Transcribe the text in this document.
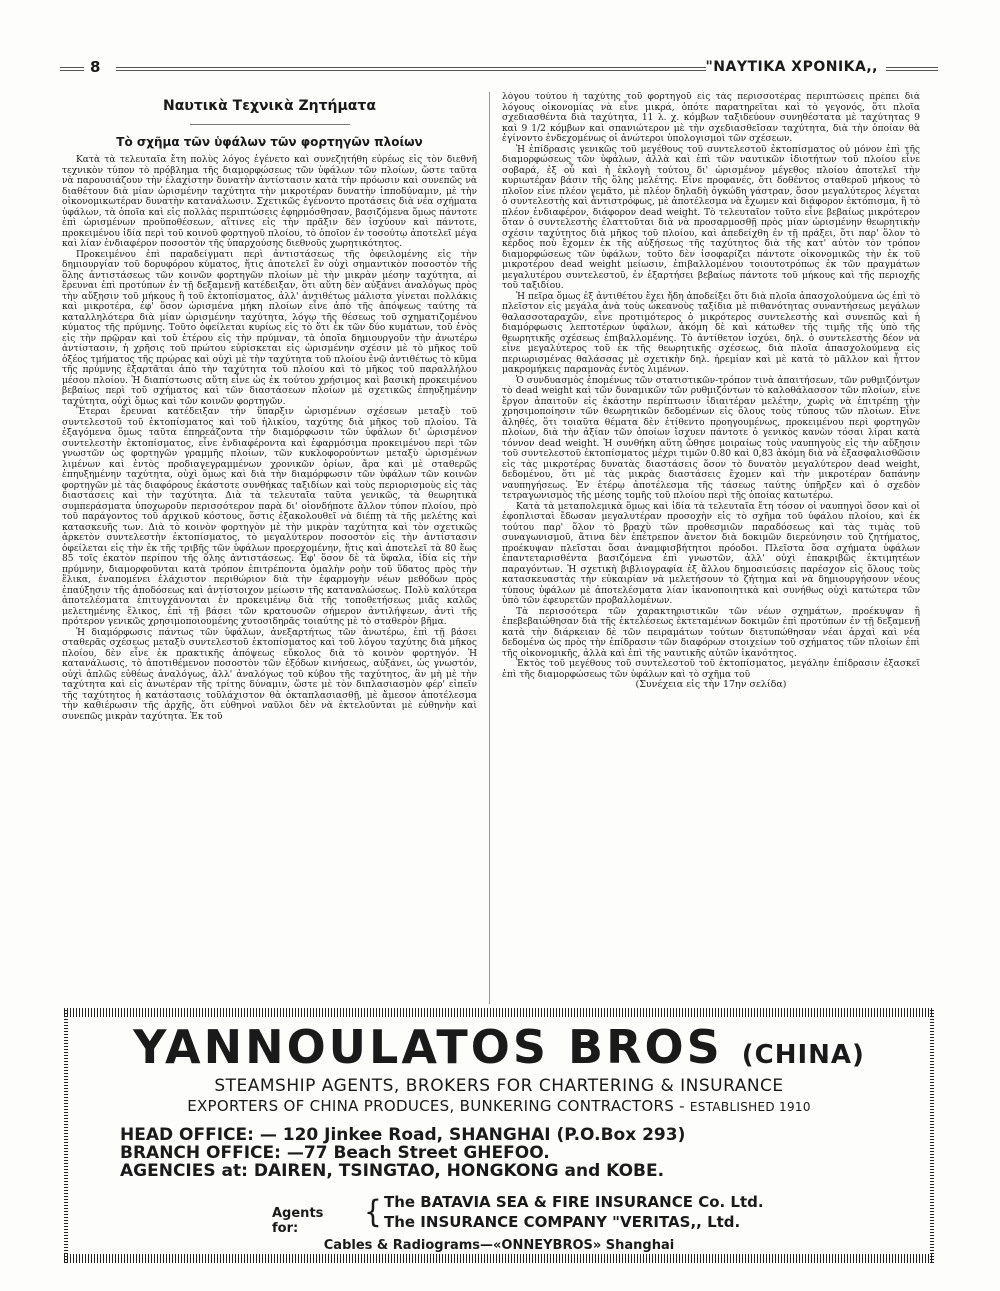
8	"ΝΑΥΤΙΚΑ ΧΡΟΝΙΚΑ,,
Ναυτικὰ Τεχνικὰ Ζητήματα
Τὸ σχῆμα τῶν ὑφάλων τῶν φορτηγῶν πλοίων

Κατὰ τὰ τελευταῖα ἔτη πολὺς λόγος ἐγένετο καὶ συνεζητήθη εὐρέως εἰς τὸν διεθνῆ τεχνικὸν τύπον τὸ πρόβλημα τῆς διαμορφώσεως τῶν ὑφάλων τῶν πλοίων, ὥστε ταῦτα νὰ παρουσιάζουν τὴν ἐλαχίστην δυνατὴν ἀντίστασιν κατὰ τὴν πρόωσιν καὶ συνεπῶς νὰ διαθέτουν διὰ μίαν ὡρισμένην ταχύτητα τὴν μικροτέραν δυνατὴν ἱπποδύναμιν, μὲ τὴν οἰκονομικωτέραν δυνατὴν κατανάλωσιν. Σχετικῶς ἐγένοντο προτάσεις διὰ νέα σχήματα ὑφάλων, τὰ ὁποῖα καὶ εἰς πολλὰς περιπτώσεις ἐφηρμόσθησαν, βασιζόμενα ὅμως πάντοτε ἐπὶ ὡρισμένων προϋποθέσεων, αἵτινες εἰς τὴν πρᾶξιν δὲν ἰσχύουν καὶ πάντοτε, προκειμένου ἰδία περὶ τοῦ κοινοῦ φορτηγοῦ πλοίου, τὸ ὁποῖον ἐν τοσούτῳ ἀποτελεῖ μέγα καὶ λίαν ἐνδιαφέρον ποσοστὸν τῆς ὑπαρχούσης διεθνοῦς χωρητικότητος.

Προκειμένου ἐπὶ παραδείγματι περὶ ἀντιστάσεως τῆς ὀφειλομένης εἰς τὴν δημιουργίαν τοῦ δορυφόρου κύματος, ἥτις ἀποτελεῖ ἓν οὐχὶ σημαντικὸν ποσοστὸν τῆς ὅλης ἀντιστάσεως τῶν κοινῶν φορτηγῶν πλοίων μὲ τὴν μικρὰν μέσην ταχύτητα, αἱ ἔρευναι ἐπὶ προτύπων ἐν τῇ δεξαμενῇ κατέδειξαν, ὅτι αὕτη δὲν αὐξάνει ἀναλόγως πρὸς τὴν αὔξησιν τοῦ μήκους ἢ τοῦ ἐκτοπίσματος, ἀλλ' ἀντιθέτως μάλιστα γίνεται πολλάκις καὶ μικροτέρα, ἐφ' ὅσον ὡρισμένα μήκη πλοίων εἶνε ἀπὸ τῆς ἀπόψεως ταύτης τὰ καταλληλότερα διὰ μίαν ὡρισμένην ταχύτητα, λόγῳ τῆς θέσεως τοῦ σχηματιζομένου κύματος τῆς πρύμνης. Τοῦτο ὀφείλεται κυρίως εἰς τὸ ὅτι ἐκ τῶν δύο κυμάτων, τοῦ ἑνὸς εἰς τὴν πρῷραν καὶ τοῦ ἑτέρου εἰς τὴν πρύμναν, τὰ ὁποῖα δημιουργοῦν τὴν ἀνωτέρω ἀντίστασιν, ἡ χρῆσις τοῦ πρώτου εὑρίσκεται εἰς ὡρισμένην σχέσιν μὲ τὸ μῆκος τοῦ ὀξέος τμήματος τῆς πρῴρας καὶ οὐχὶ μὲ τὴν ταχύτητα τοῦ πλοίου ἐνῷ ἀντιθέτως τὸ κῦμα τῆς πρύμνης ἐξαρτᾶται ἀπὸ τὴν ταχύτητα τοῦ πλοίου καὶ τὸ μῆκος τοῦ παραλλήλου μέσου πλοίου. Ἡ διαπίστωσις αὕτη εἶνε ὡς ἐκ τούτου χρήσιμος καὶ βασικὴ προκειμένου βεβαίως περὶ τοῦ σχήματος καὶ τῶν διαστάσεων πλοίων μὲ σχετικῶς ἐπηυξημένην ταχύτητα, οὐχὶ ὅμως καὶ τῶν κοινῶν φορτηγῶν.

Ἕτεραι ἔρευναι κατέδειξαν τὴν ὕπαρξιν ὡρισμένων σχέσεων μεταξὺ τοῦ συντελεστοῦ τοῦ ἐκτοπίσματος καὶ τοῦ ἡλικίου, ταχύτης διὰ μῆκος τοῦ πλοίου. Τὰ ἐξαγόμενα ὅμως ταῦτα ἐπηρεάζοντα τὴν διαμόρφωσιν τῶν ὑφάλων δι' ὡρισμένον συντελεστὴν ἐκτοπίσματος, εἶνε ἐνδιαφέροντα καὶ ἐφαρμόσιμα προκειμένου περὶ τῶν γνωστῶν ὡς φορτηγῶν γραμμῆς πλοίων, τῶν κυκλοφορούντων μεταξὺ ὡρισμένων λιμένων καὶ ἐντὸς προδιαγεγραμμένων χρονικῶν ὁρίων, ἄρα καὶ μὲ σταθερῶς ἐπηυξημένην ταχύτητα, οὐχὶ ὅμως καὶ διὰ τὴν διαμόρφωσιν τῶν ὑφάλων τῶν κοινῶν φορτηγῶν μὲ τὰς διαφόρους ἑκάστοτε συνθήκας ταξιδίων καὶ τοὺς περιορισμοὺς εἰς τὰς διαστάσεις καὶ τὴν ταχύτητα. Διὰ τὰ τελευταῖα ταῦτα γενικῶς, τὰ θεωρητικὰ συμπεράσματα ὑποχωροῦν περισσότερον παρὰ δι' οἱονδήποτε ἄλλον τύπον πλοίου, πρὸ τοῦ παράγοντος τοῦ ἀρχικοῦ κόστους, ὅστις ἐξακολουθεῖ νὰ διέπῃ τὰ τῆς μελέτης καὶ κατασκευῆς των. Διὰ τὸ κοινὸν φορτηγὸν μὲ τὴν μικρὰν ταχύτητα καὶ τὸν σχετικῶς ἀρκετὸν συντελεστὴν ἐκτοπίσματος, τὸ μεγαλύτερον ποσοστὸν εἰς τὴν ἀντίστασιν ὀφείλεται εἰς τὴν ἐκ τῆς τριβῆς τῶν ὑφάλων προερχομένην, ἥτις καὶ ἀποτελεῖ τὰ 80 ἕως 85 τοῖς ἑκατὸν περίπου τῆς ὅλης ἀντιστάσεως. Ἐφ' ὅσον δὲ τὰ ὕφαλα, ἰδία εἰς τὴν πρύμνην, διαμορφοῦνται κατὰ τρόπον ἐπιτρέποντα ὁμαλὴν ροὴν τοῦ ὕδατος πρὸς τὴν ἕλικα, ἐναπομένει ἐλάχιστον περιθώριον διὰ τὴν ἐφαρμογὴν νέων μεθόδων πρὸς ἐπαύξησιν τῆς ἀποδόσεως καὶ ἀντίστοιχον μείωσιν τῆς καταναλώσεως. Πολὺ καλύτερα ἀποτελέσματα ἐπιτυγχάνονται ἐν προκειμένῳ διὰ τῆς τοποθετήσεως μιᾶς καλῶς μελετημένης ἕλικος, ἐπὶ τῇ βάσει τῶν κρατουσῶν σήμερον ἀντιλήψεων, ἀντὶ τῆς πρότερον γενικῶς χρησιμοποιουμένης χυτοσιδηρᾶς τοιαύτης μὲ τὸ σταθερὸν βῆμα.

Ἡ διαμόρφωσις πάντως τῶν ὑφάλων, ἀνεξαρτήτως τῶν ἀνωτέρω, ἐπὶ τῇ βάσει σταθερᾶς σχέσεως μεταξὺ συντελεστοῦ ἐκτοπίσματος καὶ τοῦ λόγου ταχύτης διὰ μῆκος πλοίου, δὲν εἶνε ἐκ πρακτικῆς ἀπόψεως εὔκολος διὰ τὸ κοινὸν φορτηγόν. Ἡ κατανάλωσις, τὸ ἀποτιθέμενον ποσοστὸν τῶν ἐξόδων κινήσεως, αὐξάνει, ὡς γνωστόν, οὐχὶ ἁπλῶς εὐθέως ἀναλόγως, ἀλλ' ἀναλόγως τοῦ κύβου τῆς ταχύτητος, ἂν μὴ μὲ τὴν ταχύτητα καὶ εἰς ἀνωτέραν τῆς τρίτης δύναμιν, ὥστε μὲ τὸν διπλασιασμὸν φέρ' εἰπεῖν τῆς ταχύτητος ἡ κατάστασις τοῦλάχιστον θὰ ὀκταπλασιασθῇ, μὲ ἄμεσον ἀποτέλεσμα τὴν καθιέρωσιν τῆς ἀρχῆς, ὅτι εὐθηνοὶ ναῦλοι δὲν νὰ ἐκτελοῦνται μὲ εὐθηνὴν καὶ συνεπῶς μικρὰν ταχύτητα. Ἐκ τοῦ

λόγου τούτου ἡ ταχύτης τοῦ φορτηγοῦ εἰς τὰς περισσοτέρας περιπτώσεις πρέπει διὰ λόγους οἰκονομίας νὰ εἶνε μικρά, ὁπότε παρατηρεῖται καὶ τὸ γεγονός, ὅτι πλοῖα σχεδιασθέντα διὰ ταχύτητα, 11 λ. χ. κόμβων ταξιδεύουν συνηθέστατα μὲ ταχύτητας 9 καὶ 9 1/2 κόμβων καὶ σπανιώτερον μὲ τὴν σχεδιασθεῖσαν ταχύτητα, διὰ τὴν ὁποίαν θὰ ἐγίνοντο ἐνδεχομένως οἱ ἀνώτεροι ὑπολογισμοὶ τῶν σχέσεων.

Ἡ ἐπίδρασις γενικῶς τοῦ μεγέθους τοῦ συντελεστοῦ ἐκτοπίσματος οὐ μόνον ἐπὶ τῆς διαμορφώσεως τῶν ὑφάλων, ἀλλὰ καὶ ἐπὶ τῶν ναυτικῶν ἰδιοτήτων τοῦ πλοίου εἶνε σοβαρά, ἐξ οὗ καὶ ἡ ἐκλογὴ τούτου δι' ὡρισμένον μέγεθος πλοίου ἀποτελεῖ τὴν κυριωτέραν βάσιν τῆς ὅλης μελέτης. Εἶνε προφανές, ὅτι δοθέντος σταθεροῦ μήκους τὸ πλοῖον εἶνε πλέον γεμᾶτο, μὲ πλέον δηλαδὴ ὀγκώδη γάστραν, ὅσον μεγαλύτερος λέγεται ὁ συντελεστὴς καὶ ἀντιστρόφως, μὲ ἀποτέλεσμα νὰ ἔχωμεν καὶ διάφορον ἐκτόπισμα, ἢ τὸ πλέον ἐνδιαφέρον, διάφορον dead weight. Τὸ τελευταῖον τοῦτο εἶνε βεβαίως μικρότερον ὅταν ὁ συντελεστὴς ἐλαττοῦται διὰ νὰ προσαρμοσθῇ πρὸς μίαν ὡρισμένην θεωρητικὴν σχέσιν ταχύτητος διὰ μῆκος τοῦ πλοίου, καὶ ἀπεδείχθη ἐν τῇ πράξει, ὅτι παρ' ὅλον τὸ κέρδος ποὺ ἔχομεν ἐκ τῆς αὐξήσεως τῆς ταχύτητος διὰ τῆς κατ' αὐτὸν τὸν τρόπον διαμορφώσεως τῶν ὑφάλων, τοῦτο δὲν ἰσοφαρίζει πάντοτε οἰκονομικῶς τὴν ἐκ τοῦ μικροτέρου dead weight μείωσιν, ἐπιβαλλομένου τοιουτοτρόπως ἐκ τῶν πραγμάτων μεγαλυτέρου συντελεστοῦ, ἐν ἐξαρτήσει βεβαίως πάντοτε τοῦ μήκους καὶ τῆς περιοχῆς τοῦ ταξιδίου.

Ἡ πεῖρα ὅμως ἐξ ἀντιθέτου ἔχει ἤδη ἀποδείξει ὅτι διὰ πλοῖα ἀπασχολούμενα ὡς ἐπὶ τὸ πλεῖστον εἰς μεγάλα ἀνὰ τοὺς ὠκεανοὺς ταξίδια μὲ πιθανότητας συναντήσεως μεγάλων θαλασσοταραχῶν, εἶνε προτιμότερος ὁ μικρότερος συντελεστὴς καὶ συνεπῶς καὶ ἡ διαμόρφωσις λεπτοτέρων ὑφάλων, ἀκόμη δὲ καὶ κάτωθεν τῆς τιμῆς τῆς ὑπὸ τῆς θεωρητικῆς σχέσεως ἐπιβαλλομένης. Τὸ ἀντίθετον ἰσχύει, δηλ. ὁ συντελεστὴς δέον νὰ εἶνε μεγαλύτερος τοῦ ἐκ τῆς θεωρητικῆς σχέσεως, διὰ πλοῖα ἀπασχολούμενα εἰς περιωρισμένας θαλάσσας μὲ σχετικὴν δηλ. ἠρεμίαν καὶ μὲ κατὰ τὸ μᾶλλον καὶ ἧττον μακρομήκεις παραμονὰς ἐντὸς λιμένων.

Ὁ συνδυασμὸς ἑπομένως τῶν στατιστικῶν-τρόπον τινὰ ἀπαιτήσεων, τῶν ρυθμιζόντων τὸ dead weight καὶ τῶν δυναμικῶν τῶν ρυθμιζόντων τὸ καλοθάλασσον τῶν πλοίων, εἶνε ἔργον ἀπαιτοῦν εἰς ἑκάστην περίπτωσιν ἰδιαιτέραν μελέτην, χωρὶς νὰ ἐπιτρέπῃ τὴν χρησιμοποίησιν τῶν θεωρητικῶν δεδομένων εἰς ὅλους τοὺς τύπους τῶν πλοίων. Εἶνε ἀληθές, ὅτι τοιαῦτα θέματα δὲν ἐτίθεντο προηγουμένως, προκειμένου περὶ φορτηγῶν πλοίων, διὰ τὴν ἀξίαν τῶν ὁποίων ἴσχυεν πάντοτε ὁ γενικὸς κανὼν τόσαι λίραι κατὰ τόννον dead weight. Ἡ συνθήκη αὕτη ὤθησε μοιραίως τοὺς ναυπηγοὺς εἰς τὴν αὔξησιν τοῦ συντελεστοῦ ἐκτοπίσματος μέχρι τιμῶν 0.80 καὶ 0,83 ἀκόμη διὰ νὰ ἐξασφαλισθῶσιν εἰς τὰς μικροτέρας δυνατὰς διαστάσεις ὅσον τὸ δυνατὸν μεγαλύτερον dead weight, δεδομένου, ὅτι μὲ τὰς μικρὰς διαστάσεις ἔχομεν καὶ τὴν μικροτέραν δαπάνην ναυπηγήσεως. Ἐν ἑτέρῳ ἀποτέλεσμα τῆς τάσεως ταύτης ὑπῆρξεν καὶ ὁ σχεδὸν τετραγωνισμὸς τῆς μέσης τομῆς τοῦ πλοίου περὶ τῆς ὁποίας κατωτέρω.

Κατὰ τὰ μεταπολεμικὰ ὅμως καὶ ἰδία τὰ τελευταῖα ἔτη τόσον οἱ ναυπηγοὶ ὅσον καὶ οἱ ἐφοπλισταὶ ἔδωσαν μεγαλυτέραν προσοχὴν εἰς τὸ σχῆμα τοῦ ὑφάλου πλοίου, καὶ ἐκ τούτου παρ' ὅλον τὸ βραχὺ τῶν προθεσμιῶν παραδόσεως καὶ τὰς τιμὰς τοῦ συναγωνισμοῦ, ἄτινα δὲν ἐπέτρεπον ἄνετον διὰ δοκιμῶν διερεύνησιν τοῦ ζητήματος, προέκυψαν πλεῖσται ὅσαι ἀναμφισβήτητοι πρόοδοι. Πλεῖστα ὅσα σχήματα ὑφάλων ἐπαντεταρισθέντα βασιζόμενα ἐπὶ γνωστῶν, ἀλλ' οὐχὶ ἐπακριβῶς ἐκτιμητέων παραγόντων. Ἡ σχετικὴ βιβλιογραφία ἐξ ἄλλου δημοσιεύσεις παρέσχον εἰς ὅλους τοὺς κατασκευαστὰς τὴν εὐκαιρίαν νὰ μελετήσουν τὸ ζήτημα καὶ νὰ δημιουργήσουν νέους τύπους ὑφάλων μὲ ἀποτελέσματα λίαν ἱκανοποιητικὰ καὶ συνήθως οὐχὶ κατώτερα τῶν ὑπὸ τῶν ἐφευρετῶν προβαλλομένων.

Τὰ περισσότερα τῶν χαρακτηριστικῶν τῶν νέων σχημάτων, προέκυψαν ἢ ἐπεβεβαιώθησαν διὰ τῆς ἐκτελέσεως ἐκτεταμένων δοκιμῶν ἐπὶ προτύπων ἐν τῇ δεξαμενῇ κατὰ τὴν διάρκειαν δὲ τῶν πειραμάτων τούτων διετυπώθησαν νέαι ἀρχαὶ καὶ νέα δεδομένα ὡς πρὸς τὴν ἐπίδρασιν τῶν διαφόρων στοιχείων τοῦ σχήματος τῶν πλοίων ἐπὶ τῆς οἰκονομικῆς, ἀλλὰ καὶ ἐπὶ τῆς ναυτικῆς αὐτῶν ἱκανότητος.

Ἐκτὸς τοῦ μεγέθους τοῦ συντελεστοῦ τοῦ ἐκτοπίσματος, μεγάλην ἐπίδρασιν ἐξασκεῖ ἐπὶ τῆς διαμορφώσεως τῶν ὑφάλων καὶ τὸ σχῆμα τοῦ

(Συνέχεια εἰς τὴν 17ην σελίδα)

YANNOULATOS BROS (CHINA)
STEAMSHIP AGENTS, BROKERS FOR CHARTERING & INSURANCE
EXPORTERS OF CHINA PRODUCES, BUNKERING CONTRACTORS - ESTABLISHED 1910
HEAD OFFICE: — 120 Jinkee Road, SHANGHAI (P.O.Box 293)
BRANCH OFFICE: —77 Beach Street GHEFOO.
AGENCIES at: DAIREN, TSINGTAO, HONGKONG and KOBE.
Agents for:	{ The BATAVIA SEA & FIRE INSURANCE Co. Ltd.
The INSURANCE COMPANY "VERITAS,, Ltd.
Cables & Radiograms—«ONNEYBROS» Shanghai
